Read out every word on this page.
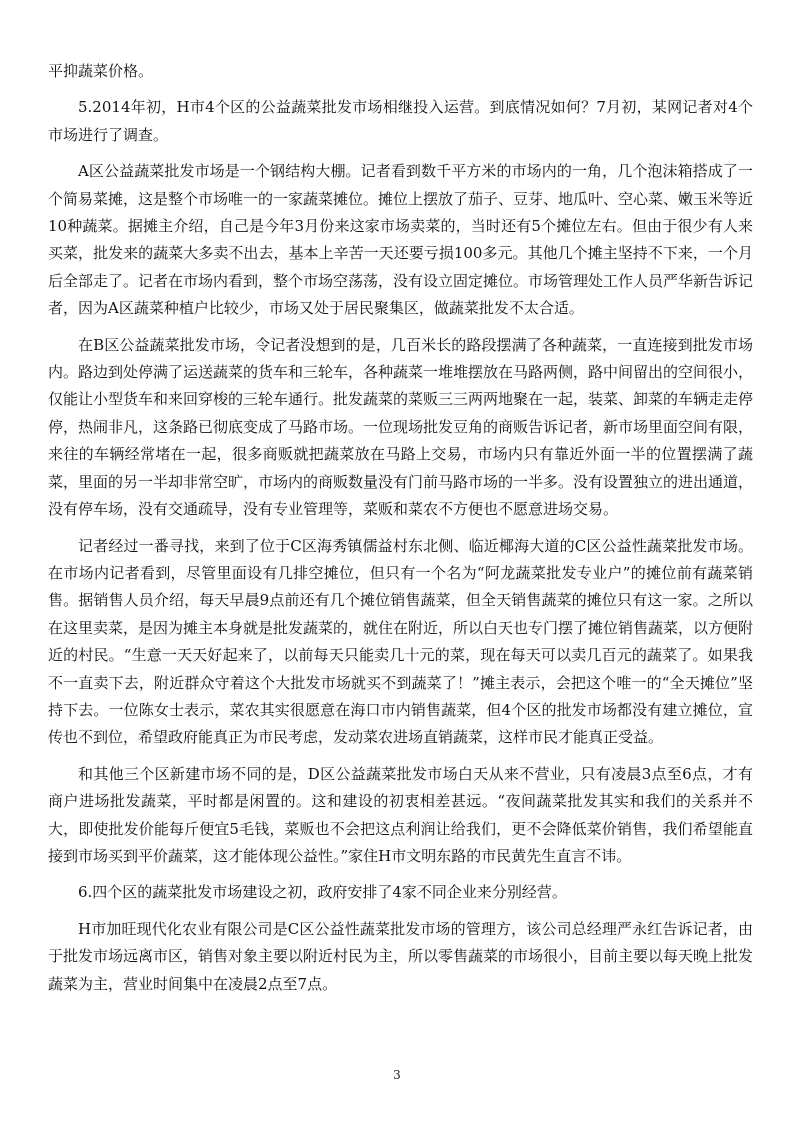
平抑蔬菜价格。

5.2014年初，H市4个区的公益蔬菜批发市场相继投入运营。到底情况如何？7月初，某网记者对4个市场进行了调查。

A区公益蔬菜批发市场是一个钢结构大棚。记者看到数千平方米的市场内的一角，几个泡沫箱搭成了一个简易菜摊，这是整个市场唯一的一家蔬菜摊位。摊位上摆放了茄子、豆芽、地瓜叶、空心菜、嫩玉米等近10种蔬菜。据摊主介绍，自己是今年3月份来这家市场卖菜的，当时还有5个摊位左右。但由于很少有人来买菜，批发来的蔬菜大多卖不出去，基本上辛苦一天还要亏损100多元。其他几个摊主坚持不下来，一个月后全部走了。记者在市场内看到，整个市场空荡荡，没有设立固定摊位。市场管理处工作人员严华新告诉记者，因为A区蔬菜种植户比较少，市场又处于居民聚集区，做蔬菜批发不太合适。

在B区公益蔬菜批发市场，令记者没想到的是，几百米长的路段摆满了各种蔬菜，一直连接到批发市场内。路边到处停满了运送蔬菜的货车和三轮车，各种蔬菜一堆堆摆放在马路两侧，路中间留出的空间很小，仅能让小型货车和来回穿梭的三轮车通行。批发蔬菜的菜贩三三两两地聚在一起，装菜、卸菜的车辆走走停停，热闹非凡，这条路已彻底变成了马路市场。一位现场批发豆角的商贩告诉记者，新市场里面空间有限，来往的车辆经常堵在一起，很多商贩就把蔬菜放在马路上交易，市场内只有靠近外面一半的位置摆满了蔬菜，里面的另一半却非常空旷，市场内的商贩数量没有门前马路市场的一半多。没有设置独立的进出通道，没有停车场，没有交通疏导，没有专业管理等，菜贩和菜农不方便也不愿意进场交易。

记者经过一番寻找，来到了位于C区海秀镇儒益村东北侧、临近椰海大道的C区公益性蔬菜批发市场。在市场内记者看到，尽管里面设有几排空摊位，但只有一个名为“阿龙蔬菜批发专业户”的摊位前有蔬菜销售。据销售人员介绍，每天早晨9点前还有几个摊位销售蔬菜，但全天销售蔬菜的摊位只有这一家。之所以在这里卖菜，是因为摊主本身就是批发蔬菜的，就住在附近，所以白天也专门摆了摊位销售蔬菜，以方便附近的村民。“生意一天天好起来了，以前每天只能卖几十元的菜，现在每天可以卖几百元的蔬菜了。如果我不一直卖下去，附近群众守着这个大批发市场就买不到蔬菜了！”摊主表示，会把这个唯一的“全天摊位”坚持下去。一位陈女士表示，菜农其实很愿意在海口市内销售蔬菜，但4个区的批发市场都没有建立摊位，宣传也不到位，希望政府能真正为市民考虑，发动菜农进场直销蔬菜，这样市民才能真正受益。

和其他三个区新建市场不同的是，D区公益蔬菜批发市场白天从来不营业，只有凌晨3点至6点，才有商户进场批发蔬菜，平时都是闲置的。这和建设的初衷相差甚远。“夜间蔬菜批发其实和我们的关系并不大，即使批发价能每斤便宜5毛钱，菜贩也不会把这点利润让给我们，更不会降低菜价销售，我们希望能直接到市场买到平价蔬菜，这才能体现公益性。”家住H市文明东路的市民黄先生直言不讳。

6.四个区的蔬菜批发市场建设之初，政府安排了4家不同企业来分别经营。

H市加旺现代化农业有限公司是C区公益性蔬菜批发市场的管理方，该公司总经理严永红告诉记者，由于批发市场远离市区，销售对象主要以附近村民为主，所以零售蔬菜的市场很小，目前主要以每天晚上批发蔬菜为主，营业时间集中在凌晨2点至7点。

3
